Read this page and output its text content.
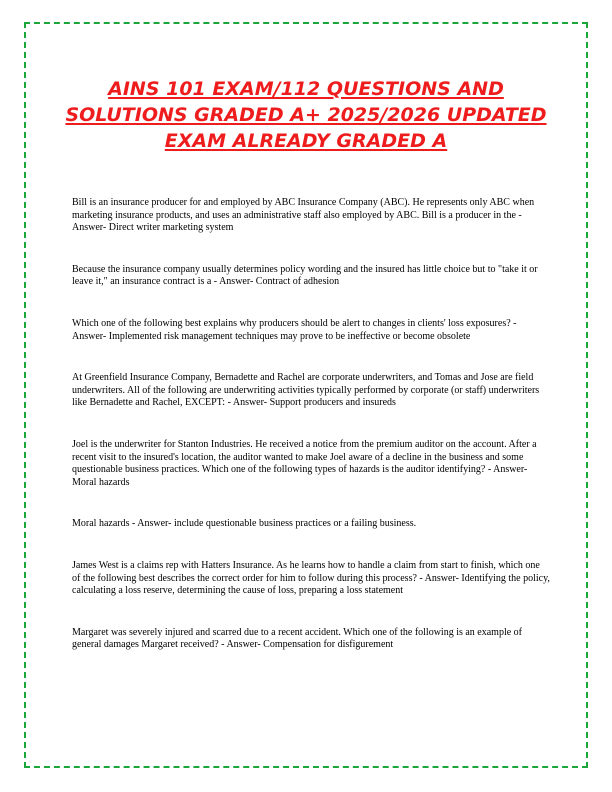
AINS 101 EXAM/112 QUESTIONS AND SOLUTIONS GRADED A+ 2025/2026 UPDATED EXAM ALREADY GRADED A

Bill is an insurance producer for and employed by ABC Insurance Company (ABC). He represents only ABC when marketing insurance products, and uses an administrative staff also employed by ABC. Bill is a producer in the - Answer- Direct writer marketing system

Because the insurance company usually determines policy wording and the insured has little choice but to "take it or leave it," an insurance contract is a - Answer- Contract of adhesion

Which one of the following best explains why producers should be alert to changes in clients' loss exposures? - Answer- Implemented risk management techniques may prove to be ineffective or become obsolete

At Greenfield Insurance Company, Bernadette and Rachel are corporate underwriters, and Tomas and Jose are field underwriters. All of the following are underwriting activities typically performed by corporate (or staff) underwriters like Bernadette and Rachel, EXCEPT: - Answer- Support producers and insureds

Joel is the underwriter for Stanton Industries. He received a notice from the premium auditor on the account. After a recent visit to the insured's location, the auditor wanted to make Joel aware of a decline in the business and some questionable business practices. Which one of the following types of hazards is the auditor identifying? - Answer- Moral hazards

Moral hazards - Answer- include questionable business practices or a failing business.

James West is a claims rep with Hatters Insurance. As he learns how to handle a claim from start to finish, which one of the following best describes the correct order for him to follow during this process? - Answer- Identifying the policy, calculating a loss reserve, determining the cause of loss, preparing a loss statement

Margaret was severely injured and scarred due to a recent accident. Which one of the following is an example of general damages Margaret received? - Answer- Compensation for disfigurement
